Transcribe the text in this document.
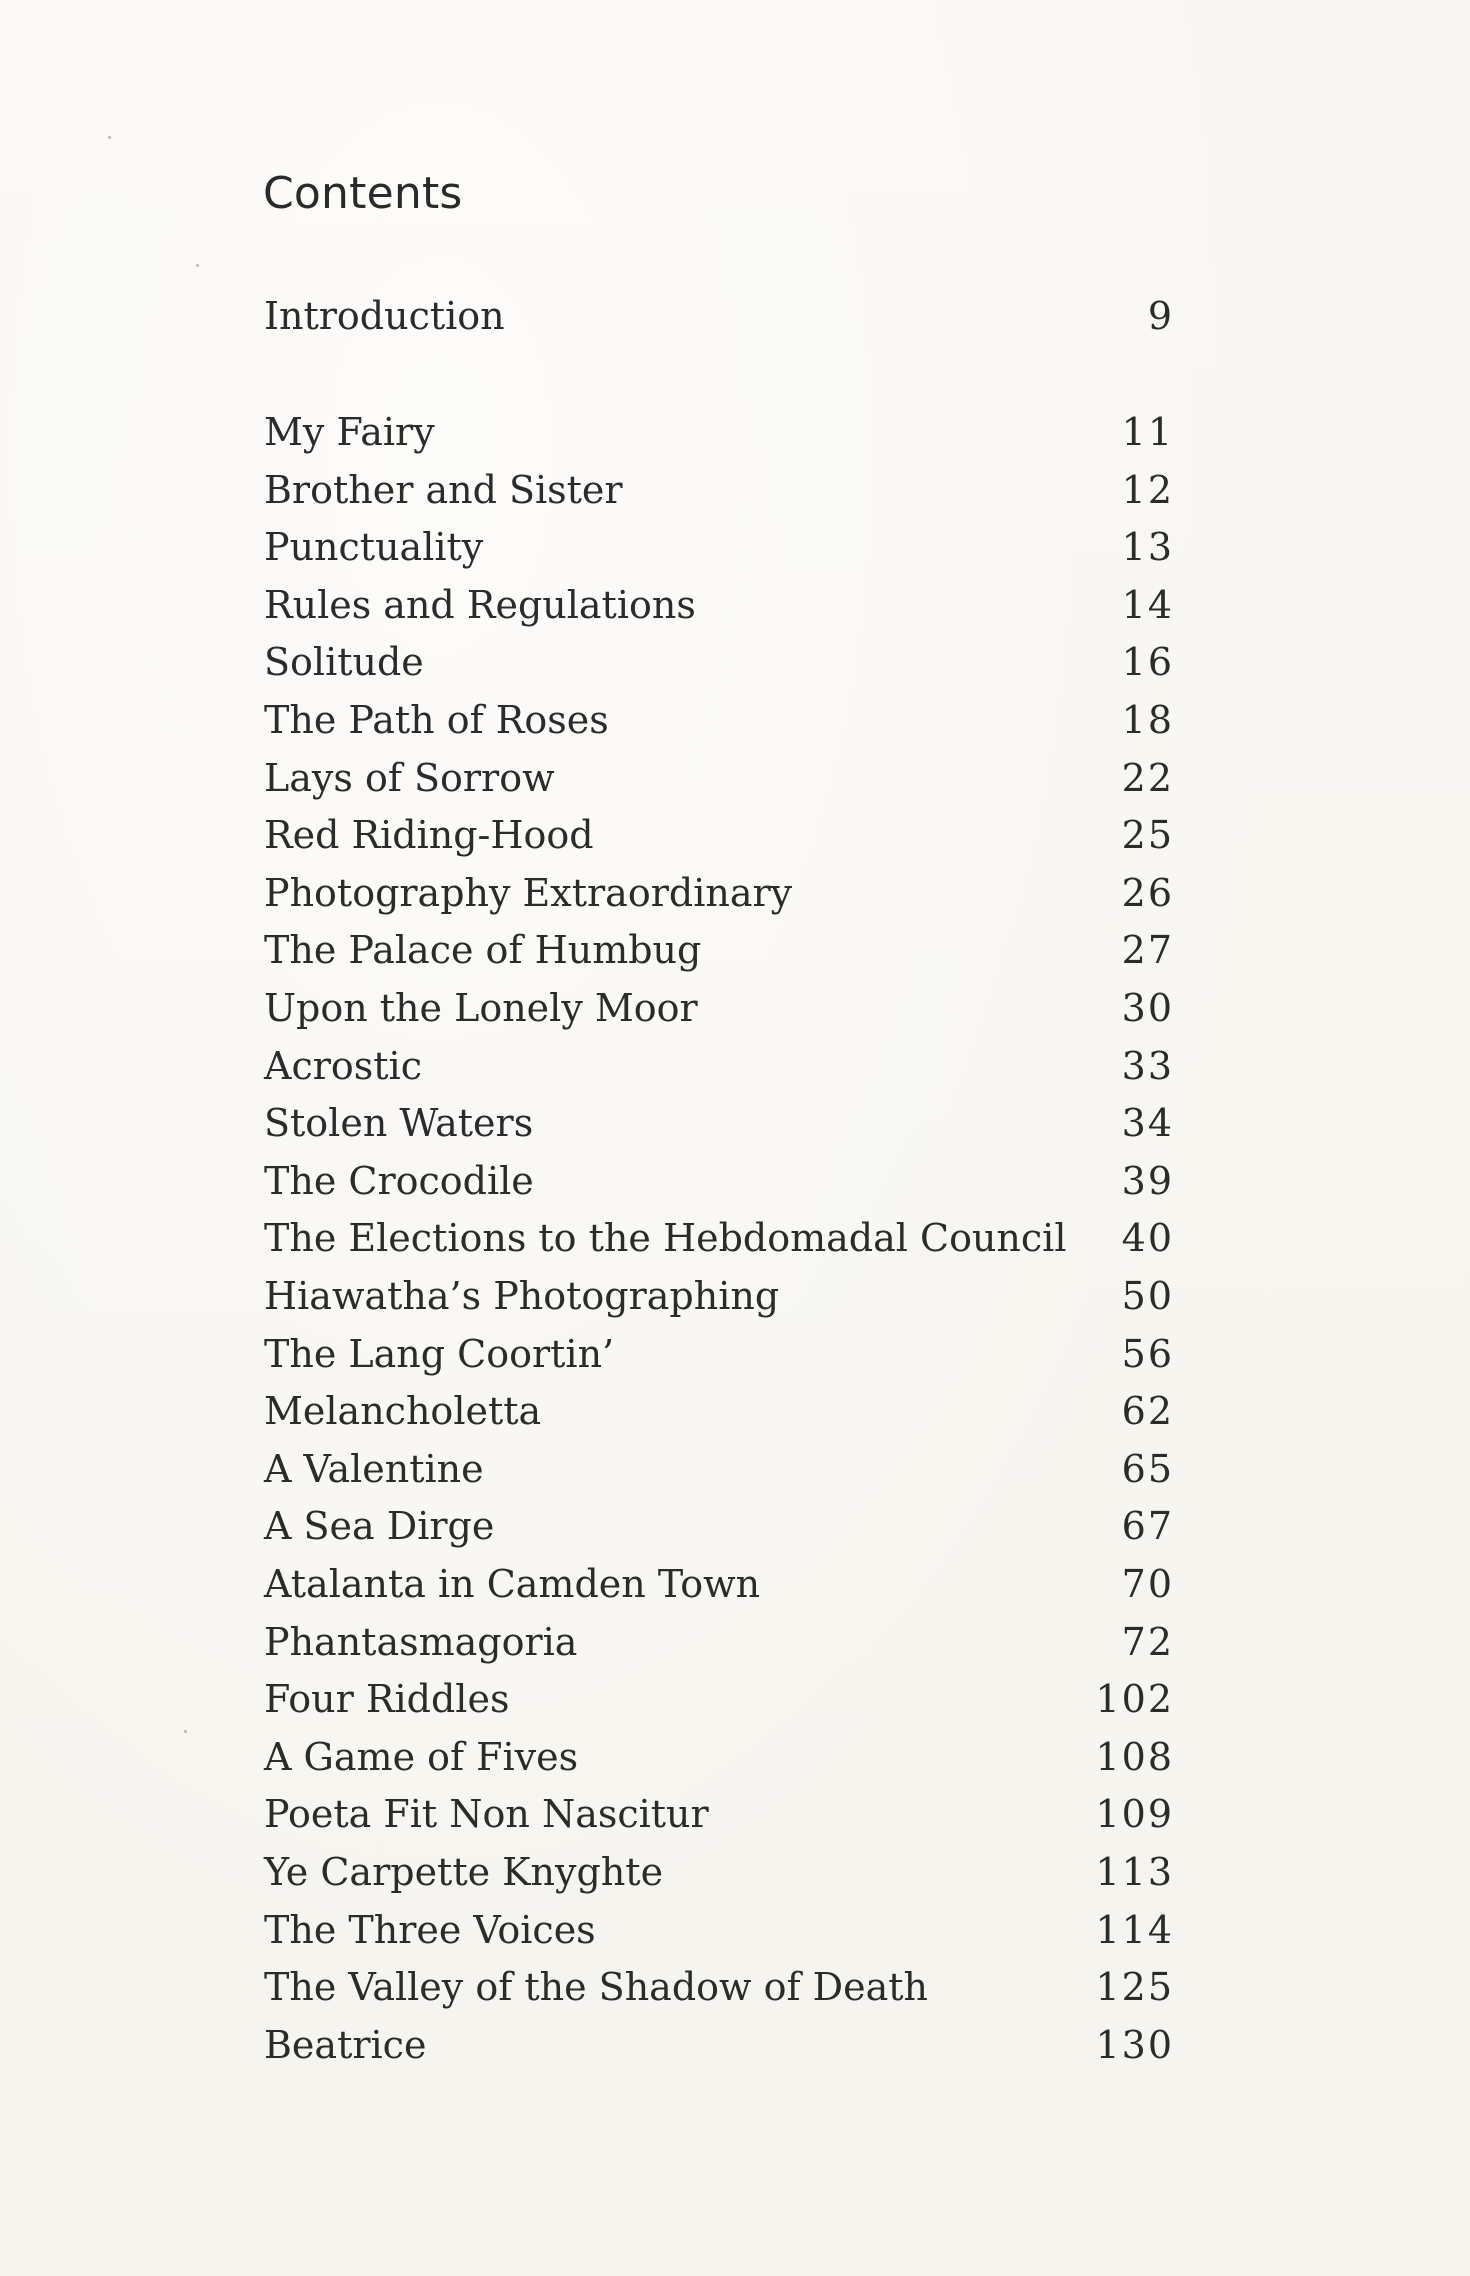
Contents
Introduction	9
My Fairy	11
Brother and Sister	12
Punctuality	13
Rules and Regulations	14
Solitude	16
The Path of Roses	18
Lays of Sorrow	22
Red Riding-Hood	25
Photography Extraordinary	26
The Palace of Humbug	27
Upon the Lonely Moor	30
Acrostic	33
Stolen Waters	34
The Crocodile	39
The Elections to the Hebdomadal Council 40
Hiawatha’s Photographing	50
The Lang Coortin’	56
Melancholetta	62
A Valentine	65
A Sea Dirge	67
Atalanta in Camden Town	70
Phantasmagoria	72
Four Riddles	102
A Game of Fives	108
Poeta Fit Non Nascitur	109
Ye Carpette Knyghte	113
The Three Voices	114
The Valley of the Shadow of Death	125
Beatrice	130
